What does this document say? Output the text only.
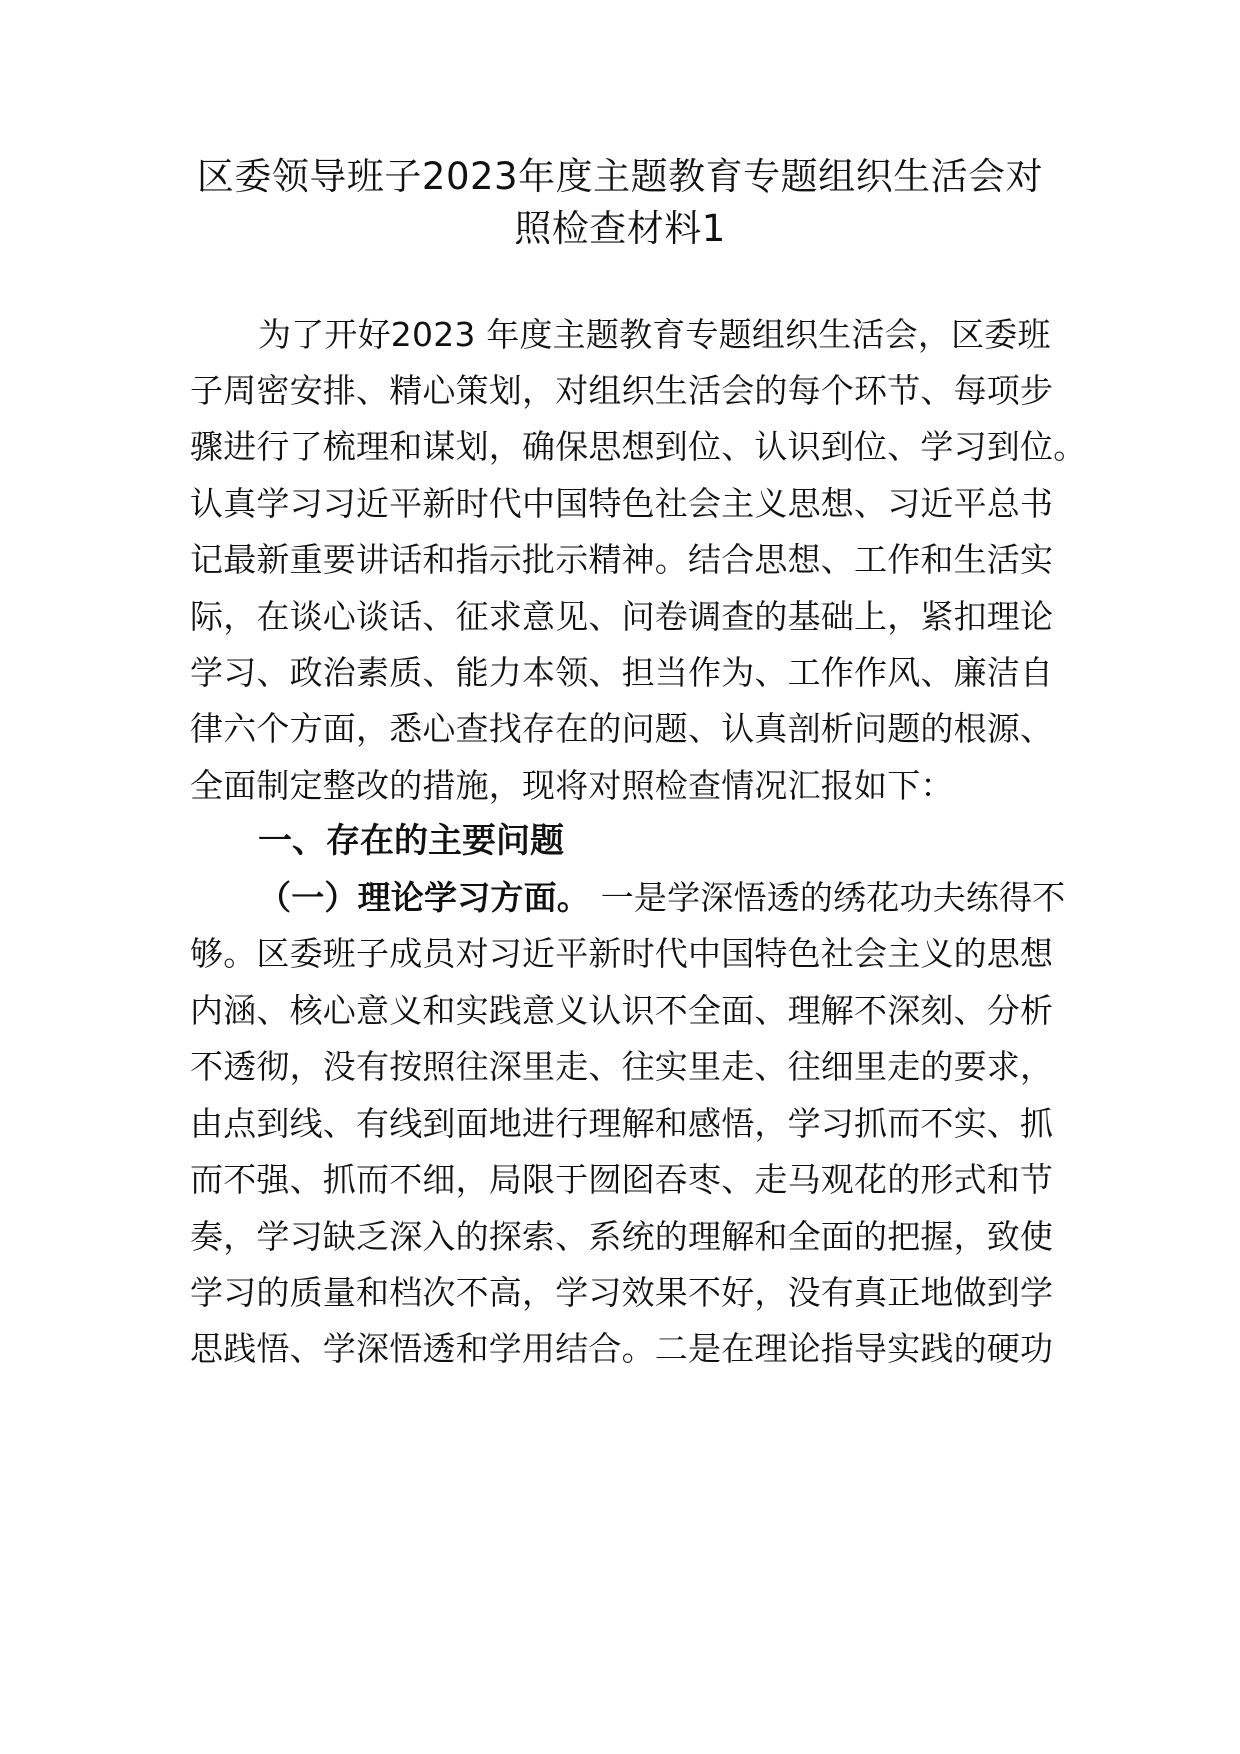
区委领导班子2023年度主题教育专题组织生活会对
照检查材料1
为了开好2023 年度主题教育专题组织生活会，区委班
子周密安排、精心策划，对组织生活会的每个环节、每项步
骤进行了梳理和谋划，确保思想到位、认识到位、学习到位。
认真学习习近平新时代中国特色社会主义思想、习近平总书
记最新重要讲话和指示批示精神。结合思想、工作和生活实
际，在谈心谈话、征求意见、问卷调查的基础上，紧扣理论
学习、政治素质、能力本领、担当作为、工作作风、廉洁自
律六个方面，悉心查找存在的问题、认真剖析问题的根源、
全面制定整改的措施，现将对照检查情况汇报如下：
一、存在的主要问题
（一）理论学习方面。 一是学深悟透的绣花功夫练得不
够。区委班子成员对习近平新时代中国特色社会主义的思想
内涵、核心意义和实践意义认识不全面、理解不深刻、分析
不透彻，没有按照往深里走、往实里走、往细里走的要求，
由点到线、有线到面地进行理解和感悟，学习抓而不实、抓
而不强、抓而不细，局限于囫囵吞枣、走马观花的形式和节
奏，学习缺乏深入的探索、系统的理解和全面的把握，致使
学习的质量和档次不高，学习效果不好，没有真正地做到学
思践悟、学深悟透和学用结合。二是在理论指导实践的硬功
